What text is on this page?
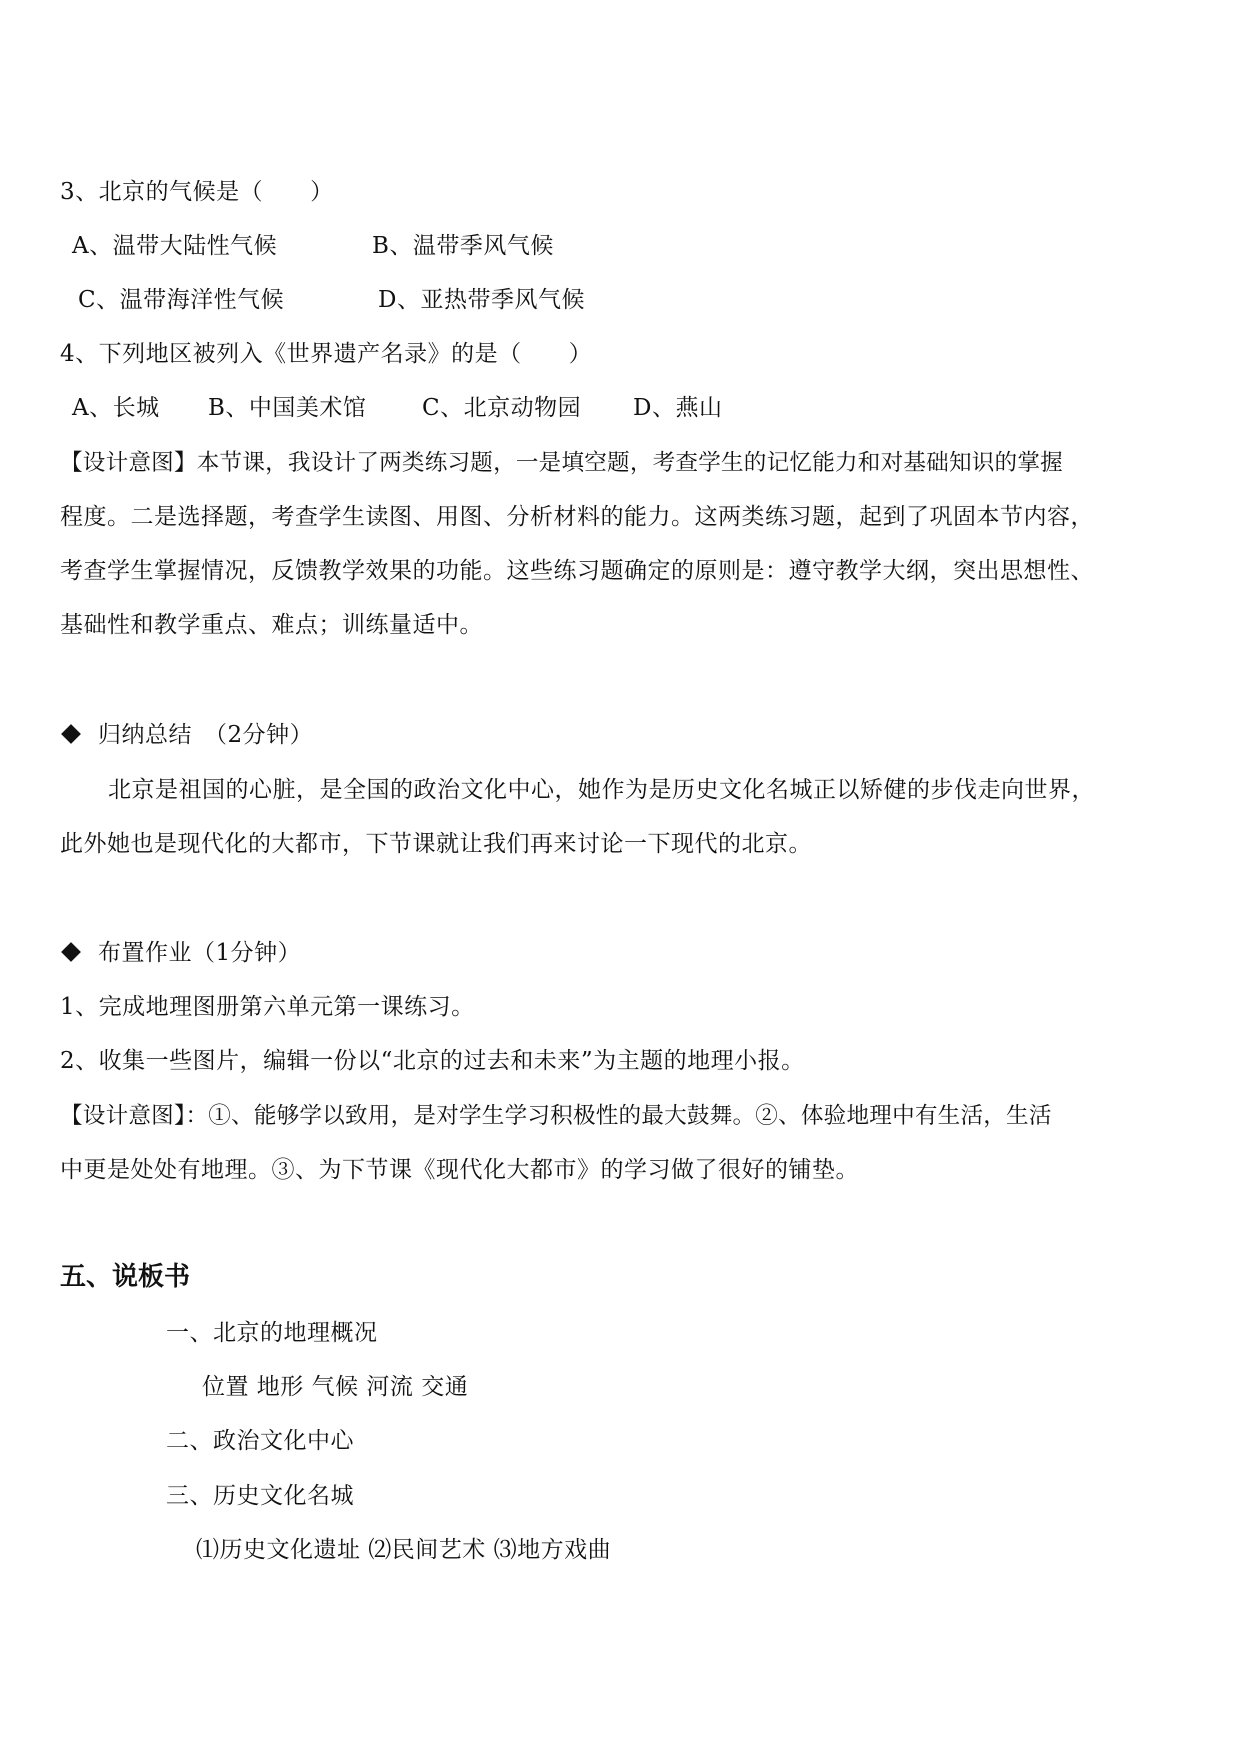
3、北京的气候是（　　）
A、温带大陆性气候	B、温带季风气候
C、温带海洋性气候	D、亚热带季风气候
4、下列地区被列入《世界遗产名录》的是（　　）
A、长城 B、中国美术馆 C、北京动物园 D、燕山
【设计意图】本节课，我设计了两类练习题，一是填空题，考查学生的记忆能力和对基础知识的掌握
程度。二是选择题，考查学生读图、用图、分析材料的能力。这两类练习题，起到了巩固本节内容，
考查学生掌握情况，反馈教学效果的功能。这些练习题确定的原则是：遵守教学大纲，突出思想性、
基础性和教学重点、难点；训练量适中。
归纳总结　（2分钟）
北京是祖国的心脏，是全国的政治文化中心，她作为是历史文化名城正以矫健的步伐走向世界，
此外她也是现代化的大都市，下节课就让我们再来讨论一下现代的北京。
布置作业（1分钟）
1、完成地理图册第六单元第一课练习。
2、收集一些图片，编辑一份以“北京的过去和未来”为主题的地理小报。
【设计意图】：①、能够学以致用，是对学生学习积极性的最大鼓舞。②、体验地理中有生活，生活
中更是处处有地理。③、为下节课《现代化大都市》的学习做了很好的铺垫。
五、说板书
一、北京的地理概况
位置 地形 气候 河流 交通
二、政治文化中心
三、历史文化名城
⑴历史文化遗址 ⑵民间艺术 ⑶地方戏曲
